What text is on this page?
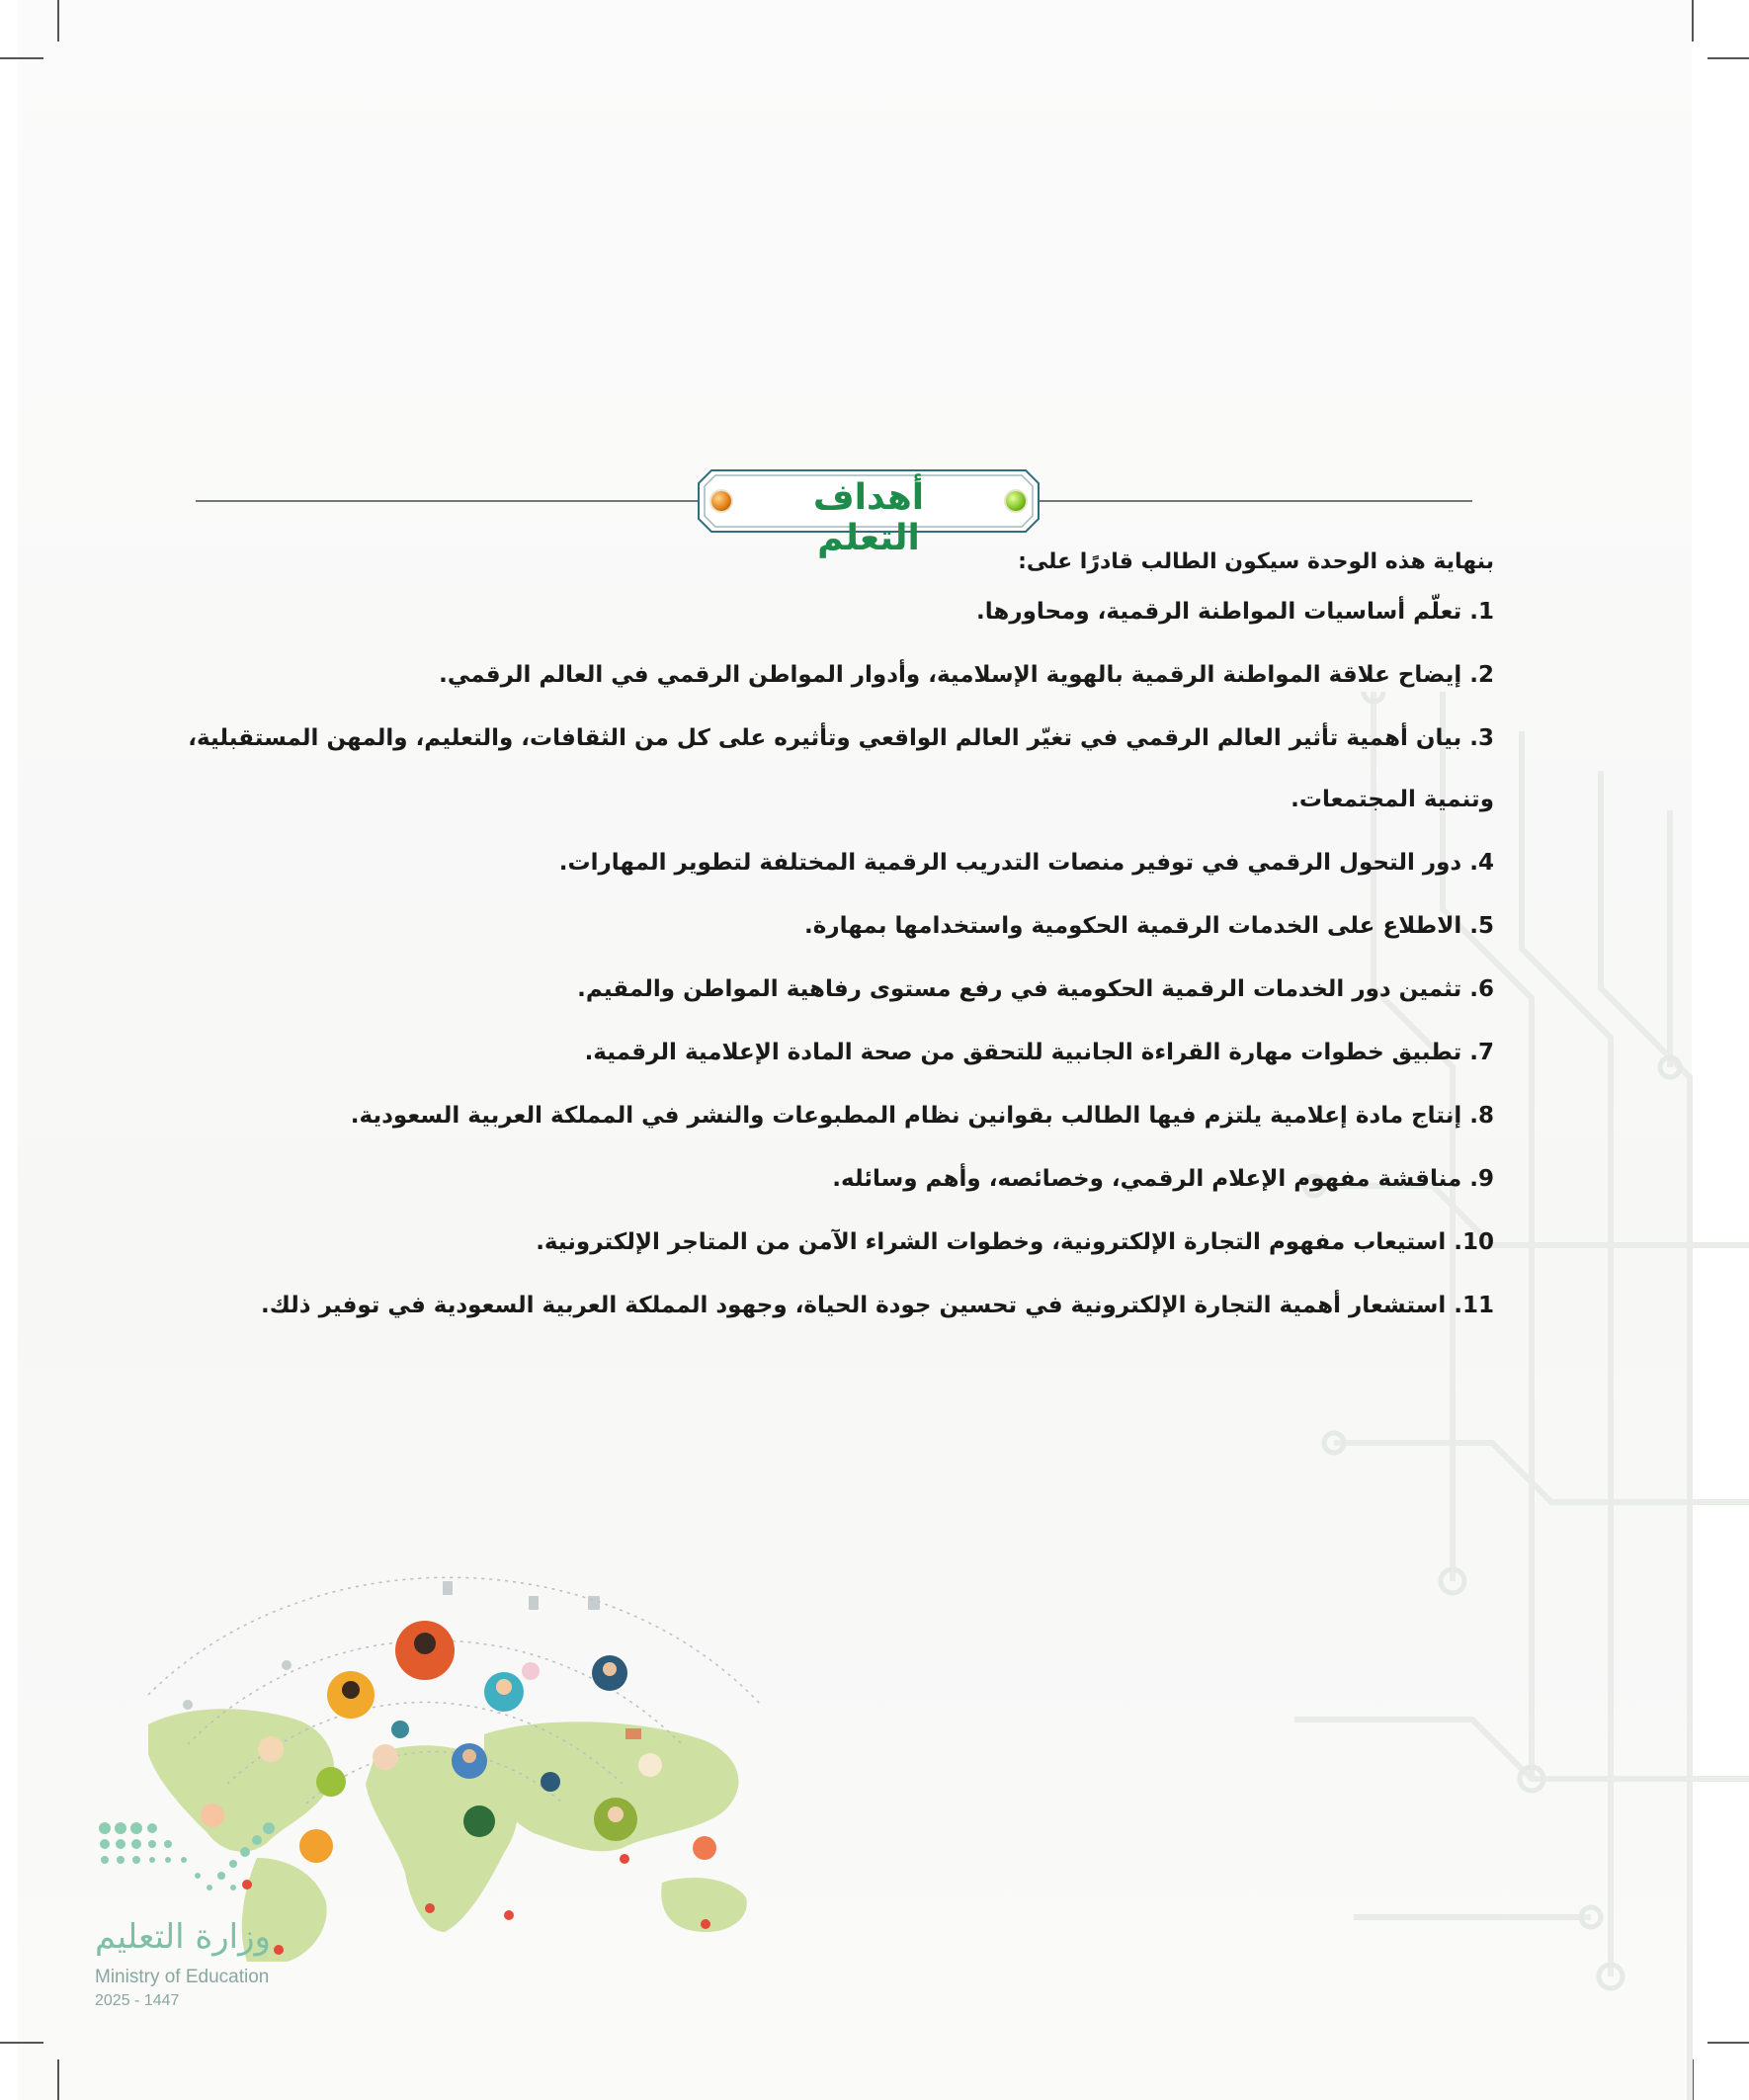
أهداف التعلم
بنهاية هذه الوحدة سيكون الطالب قادرًا على:
1. تعلّم أساسيات المواطنة الرقمية، ومحاورها.
2. إيضاح علاقة المواطنة الرقمية بالهوية الإسلامية، وأدوار المواطن الرقمي في العالم الرقمي.
3. بيان أهمية تأثير العالم الرقمي في تغيّر العالم الواقعي وتأثيره على كل من الثقافات، والتعليم، والمهن المستقبلية، وتنمية المجتمعات.
4. دور التحول الرقمي في توفير منصات التدريب الرقمية المختلفة لتطوير المهارات.
5. الاطلاع على الخدمات الرقمية الحكومية واستخدامها بمهارة.
6. تثمين دور الخدمات الرقمية الحكومية في رفع مستوى رفاهية المواطن والمقيم.
7. تطبيق خطوات مهارة القراءة الجانبية للتحقق من صحة المادة الإعلامية الرقمية.
8. إنتاج مادة إعلامية يلتزم فيها الطالب بقوانين نظام المطبوعات والنشر في المملكة العربية السعودية.
9. مناقشة مفهوم الإعلام الرقمي، وخصائصه، وأهم وسائله.
10. استيعاب مفهوم التجارة الإلكترونية، وخطوات الشراء الآمن من المتاجر الإلكترونية.
11. استشعار أهمية التجارة الإلكترونية في تحسين جودة الحياة، وجهود المملكة العربية السعودية في توفير ذلك.
وزارة التعليم
Ministry of Education
2025 - 1447
